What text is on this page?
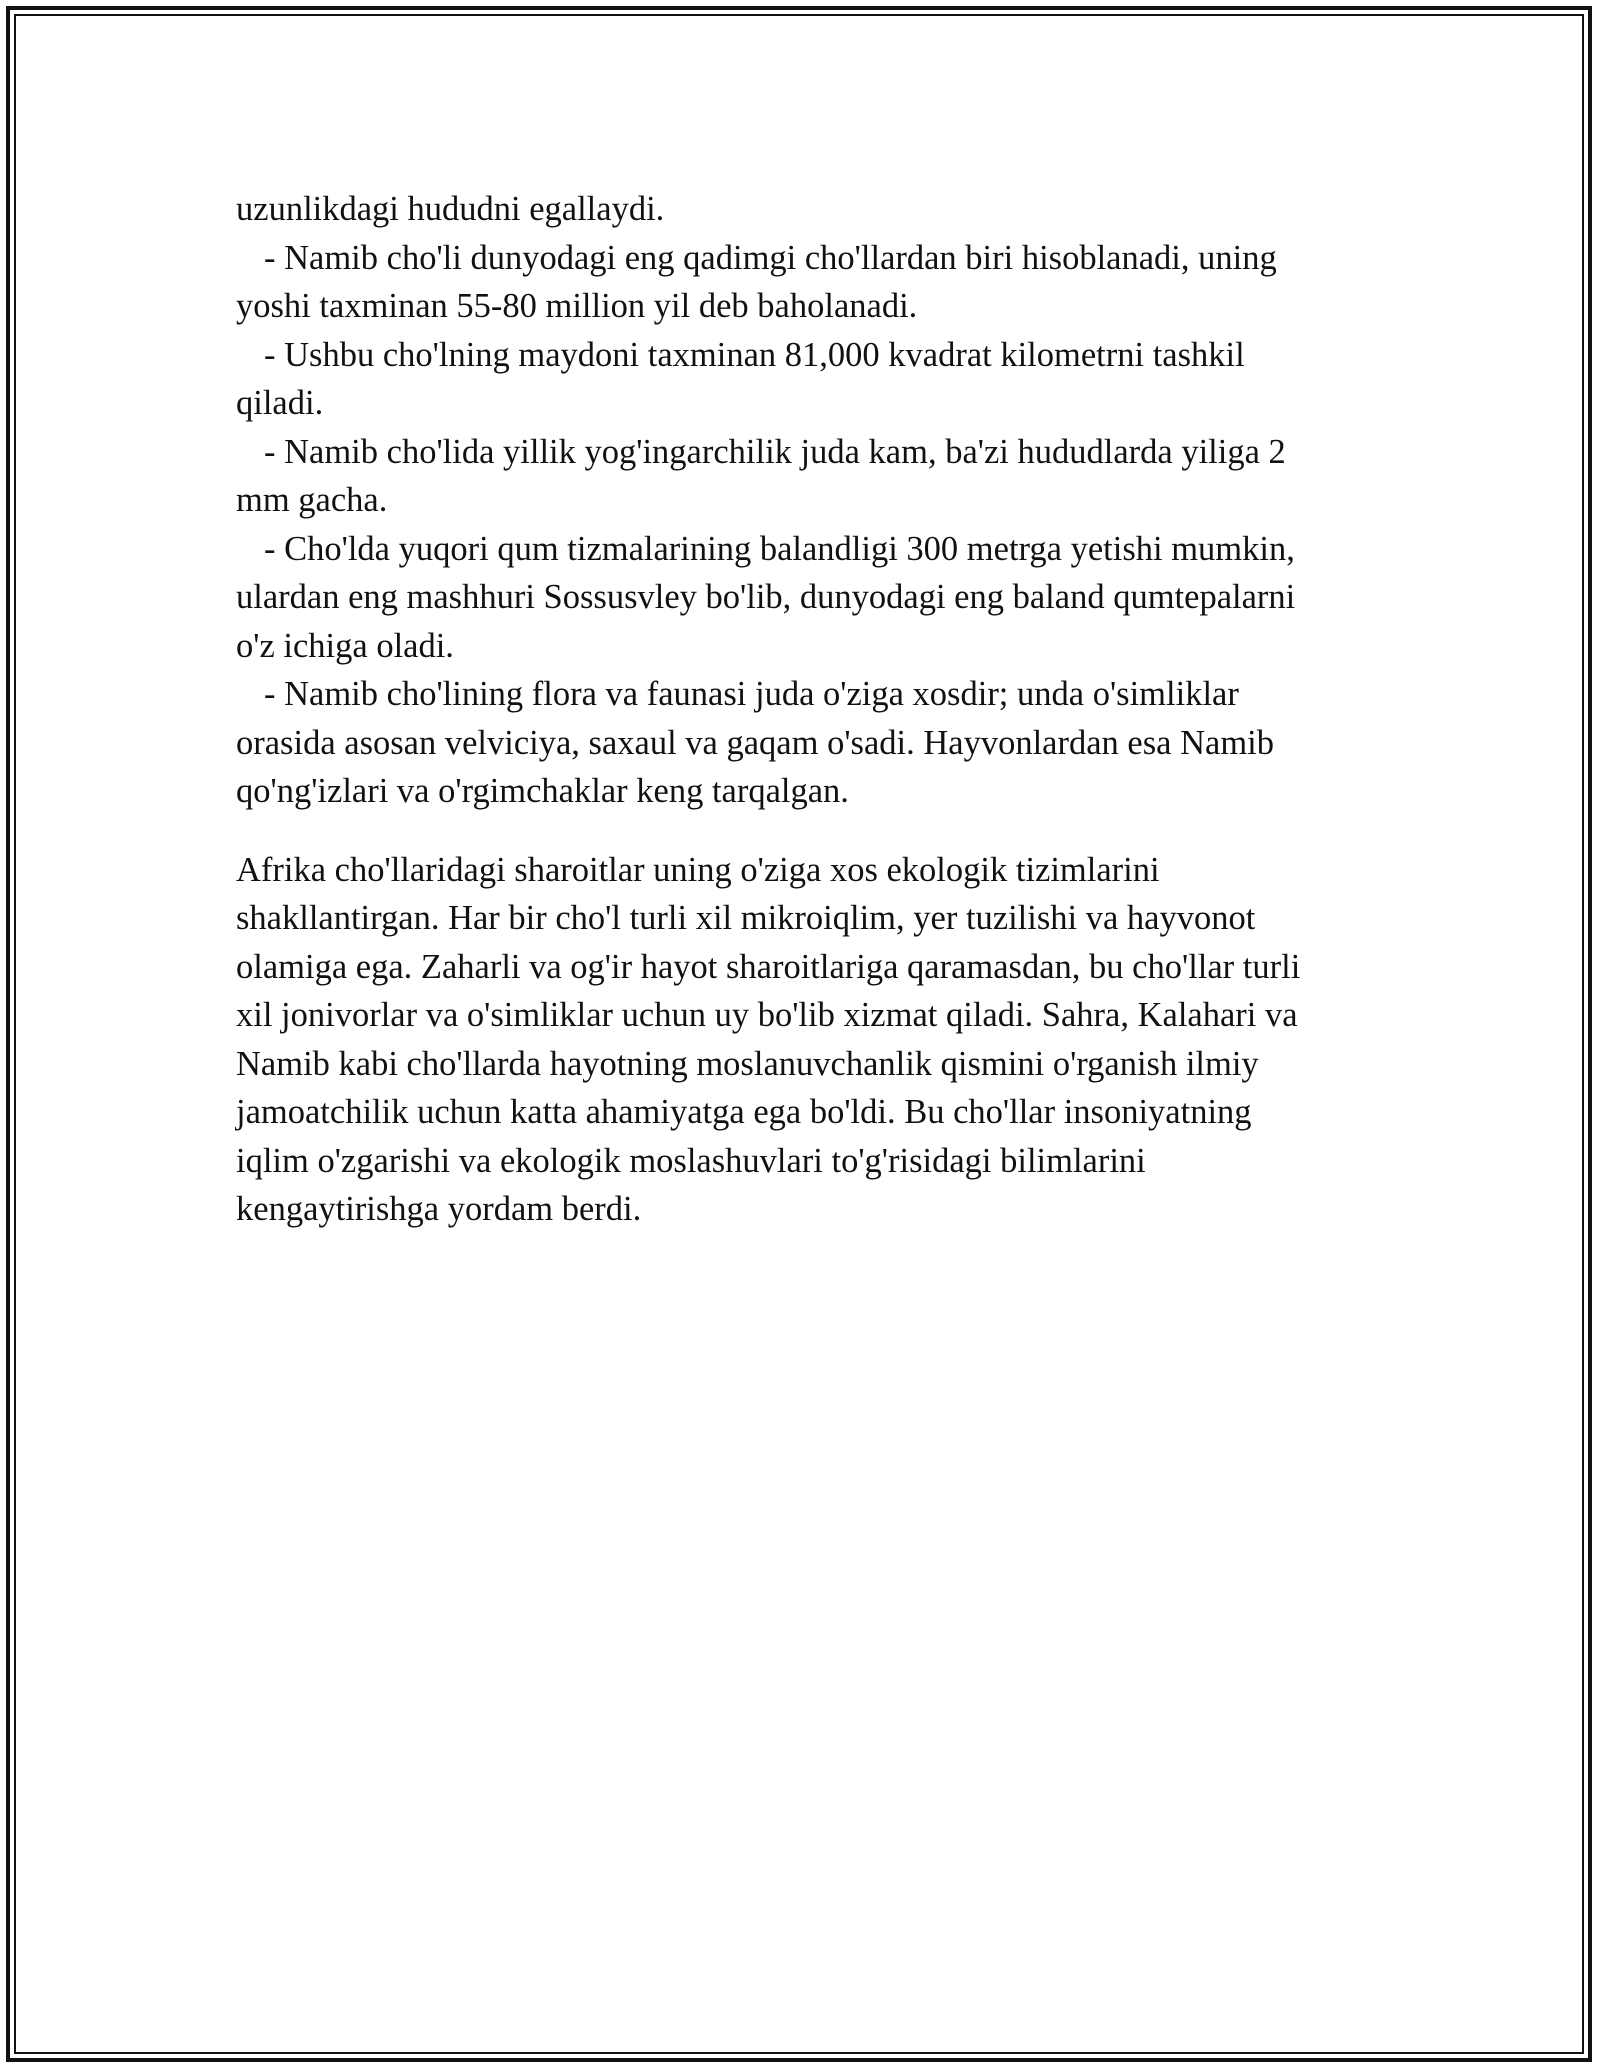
uzunlikdagi hududni egallaydi.

- Namib cho'li dunyodagi eng qadimgi cho'llardan biri hisoblanadi, uning

yoshi taxminan 55-80 million yil deb baholanadi.

- Ushbu cho'lning maydoni taxminan 81,000 kvadrat kilometrni tashkil

qiladi.

- Namib cho'lida yillik yog'ingarchilik juda kam, ba'zi hududlarda yiliga 2

mm gacha.

- Cho'lda yuqori qum tizmalarining balandligi 300 metrga yetishi mumkin,

ulardan eng mashhuri Sossusvley bo'lib, dunyodagi eng baland qumtepalarni

o'z ichiga oladi.

- Namib cho'lining flora va faunasi juda o'ziga xosdir; unda o'simliklar

orasida asosan velviciya, saxaul va gaqam o'sadi. Hayvonlardan esa Namib

qo'ng'izlari va o'rgimchaklar keng tarqalgan.

Afrika cho'llaridagi sharoitlar uning o'ziga xos ekologik tizimlarini

shakllantirgan. Har bir cho'l turli xil mikroiqlim, yer tuzilishi va hayvonot

olamiga ega. Zaharli va og'ir hayot sharoitlariga qaramasdan, bu cho'llar turli

xil jonivorlar va o'simliklar uchun uy bo'lib xizmat qiladi. Sahra, Kalahari va

Namib kabi cho'llarda hayotning moslanuvchanlik qismini o'rganish ilmiy

jamoatchilik uchun katta ahamiyatga ega bo'ldi. Bu cho'llar insoniyatning

iqlim o'zgarishi va ekologik moslashuvlari to'g'risidagi bilimlarini

kengaytirishga yordam berdi.
